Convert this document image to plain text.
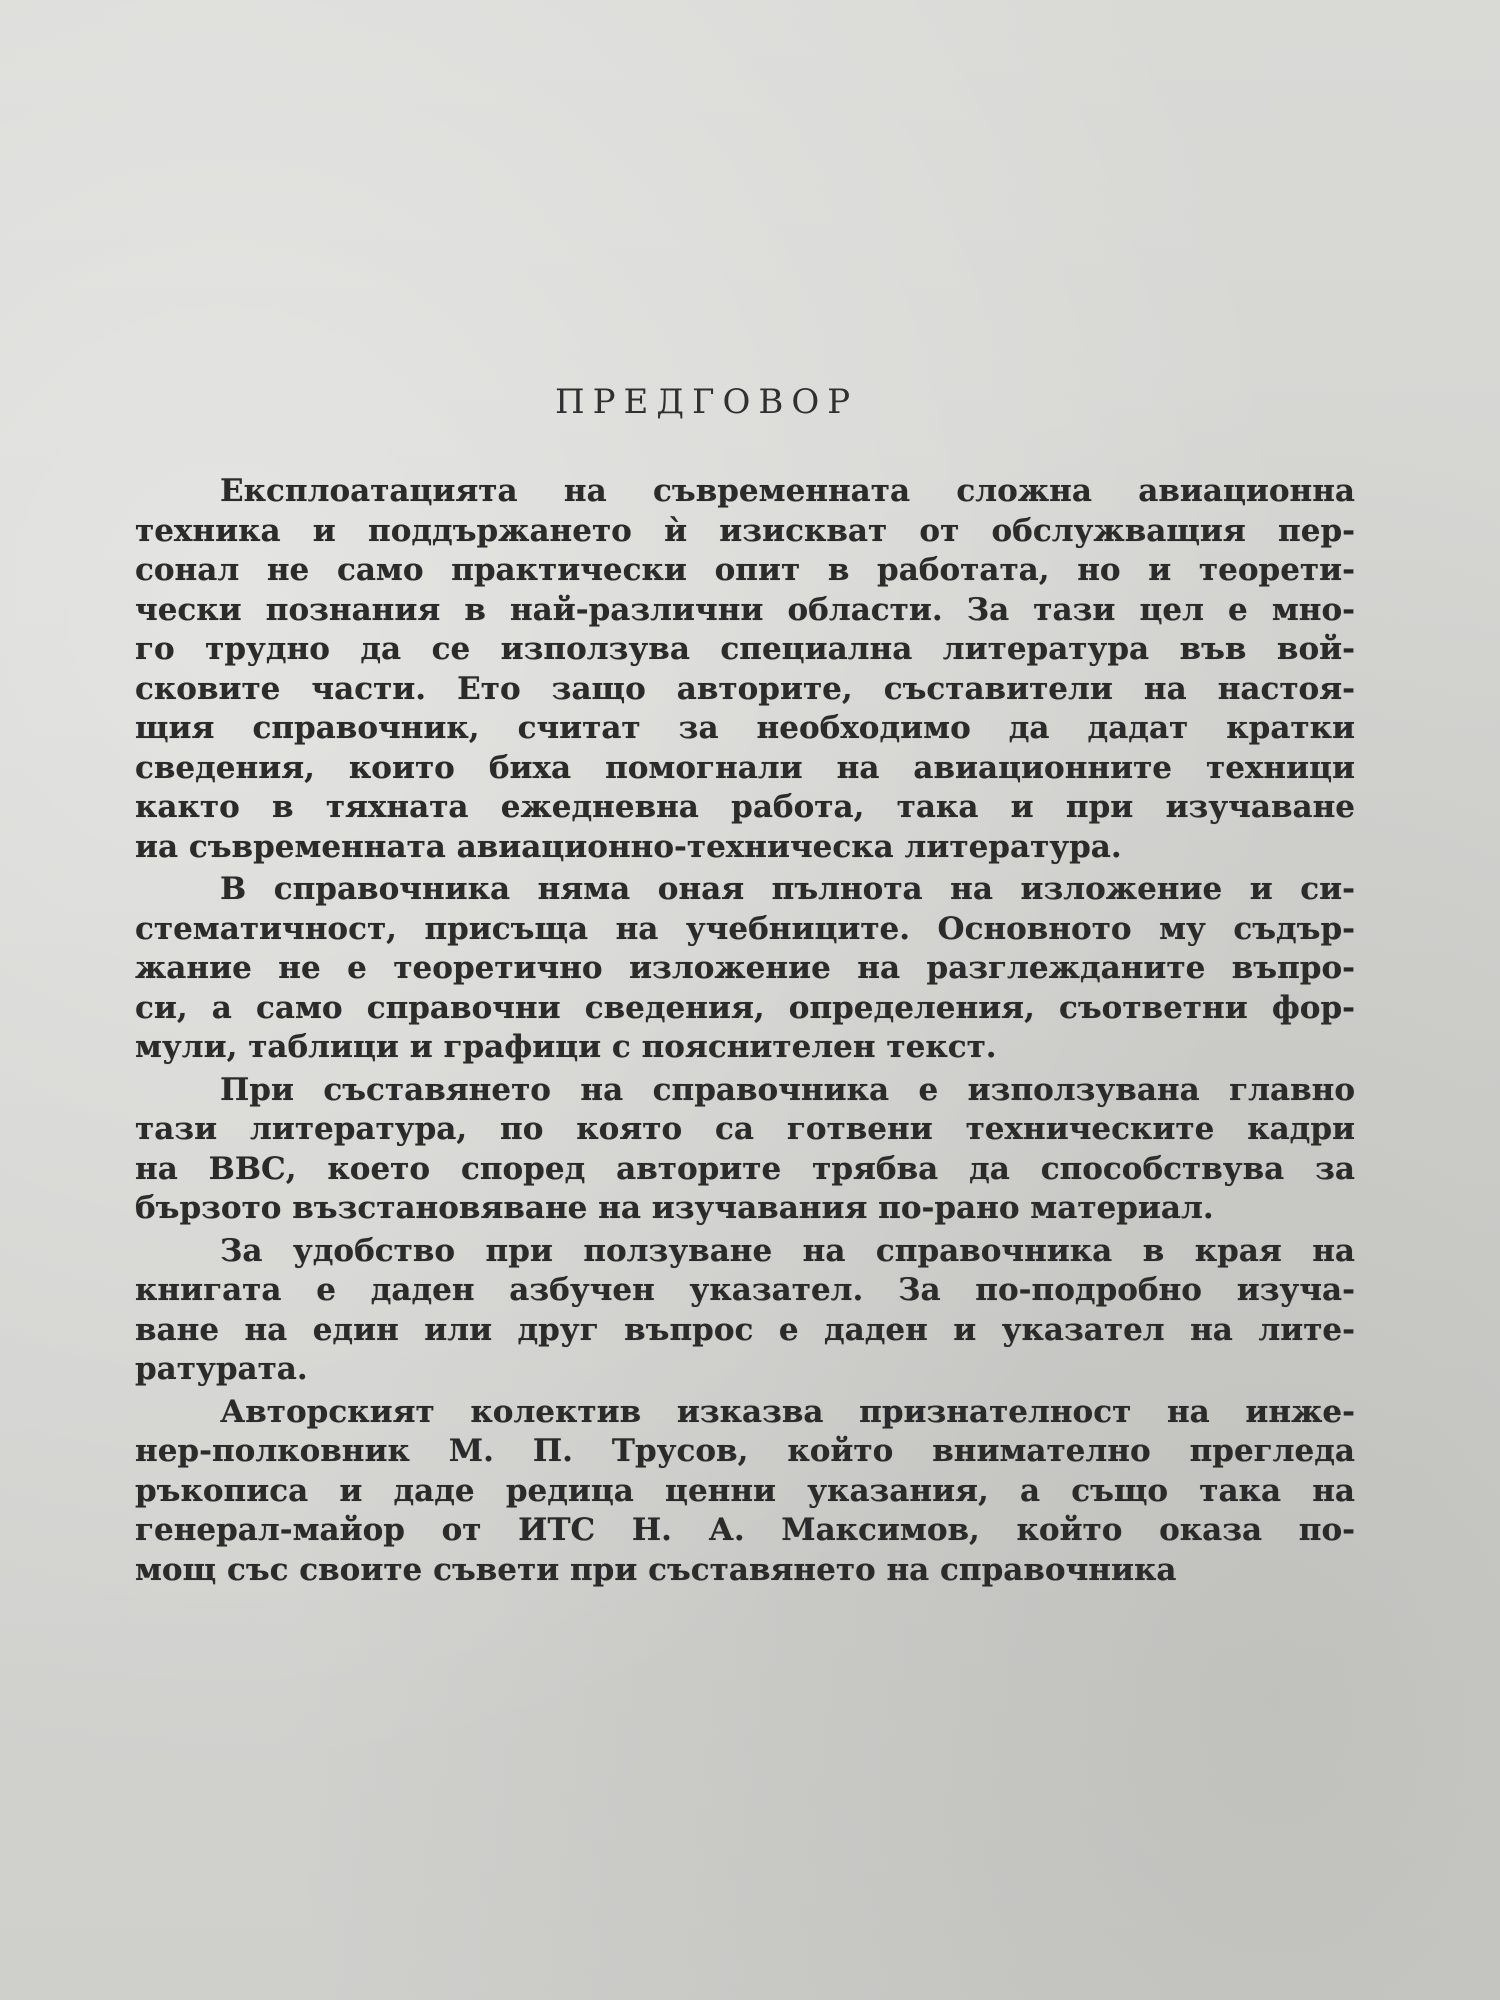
ПРЕДГОВОР
Експлоатацията на съвременната сложна авиационна
техника и поддържането ѝ изискват от обслужващия пер-
сонал не само практически опит в работата, но и теорети-
чески познания в най-различни области. За тази цел е мно-
го трудно да се използува специална литература във вой-
сковите части. Ето защо авторите, съставители на настоя-
щия справочник, считат за необходимо да дадат кратки
сведения, които биха помогнали на авиационните техници
както в тяхната ежедневна работа, така и при изучаване
иа съвременната авиационно-техническа литература.
В справочника няма оная пълнота на изложение и си-
стематичност, присъща на учебниците. Основното му съдър-
жание не е теоретично изложение на разглежданите въпро-
си, а само справочни сведения, определения, съответни фор-
мули, таблици и графици с пояснителен текст.
При съставянето на справочника е използувана главно
тази литература, по която са готвени техническите кадри
на ВВС, което според авторите трябва да способствува за
бързото възстановяване на изучавания по-рано материал.
За удобство при ползуване на справочника в края на
книгата е даден азбучен указател. За по-подробно изуча-
ване на един или друг въпрос е даден и указател на лите-
ратурата.
Авторският колектив изказва признателност на инже-
нер-полковник М. П. Трусов, който внимателно прегледа
ръкописа и даде редица ценни указания, а също така на
генерал-майор от ИТС Н. А. Максимов, който оказа по-
мощ със своите съвети при съставянето на справочника
